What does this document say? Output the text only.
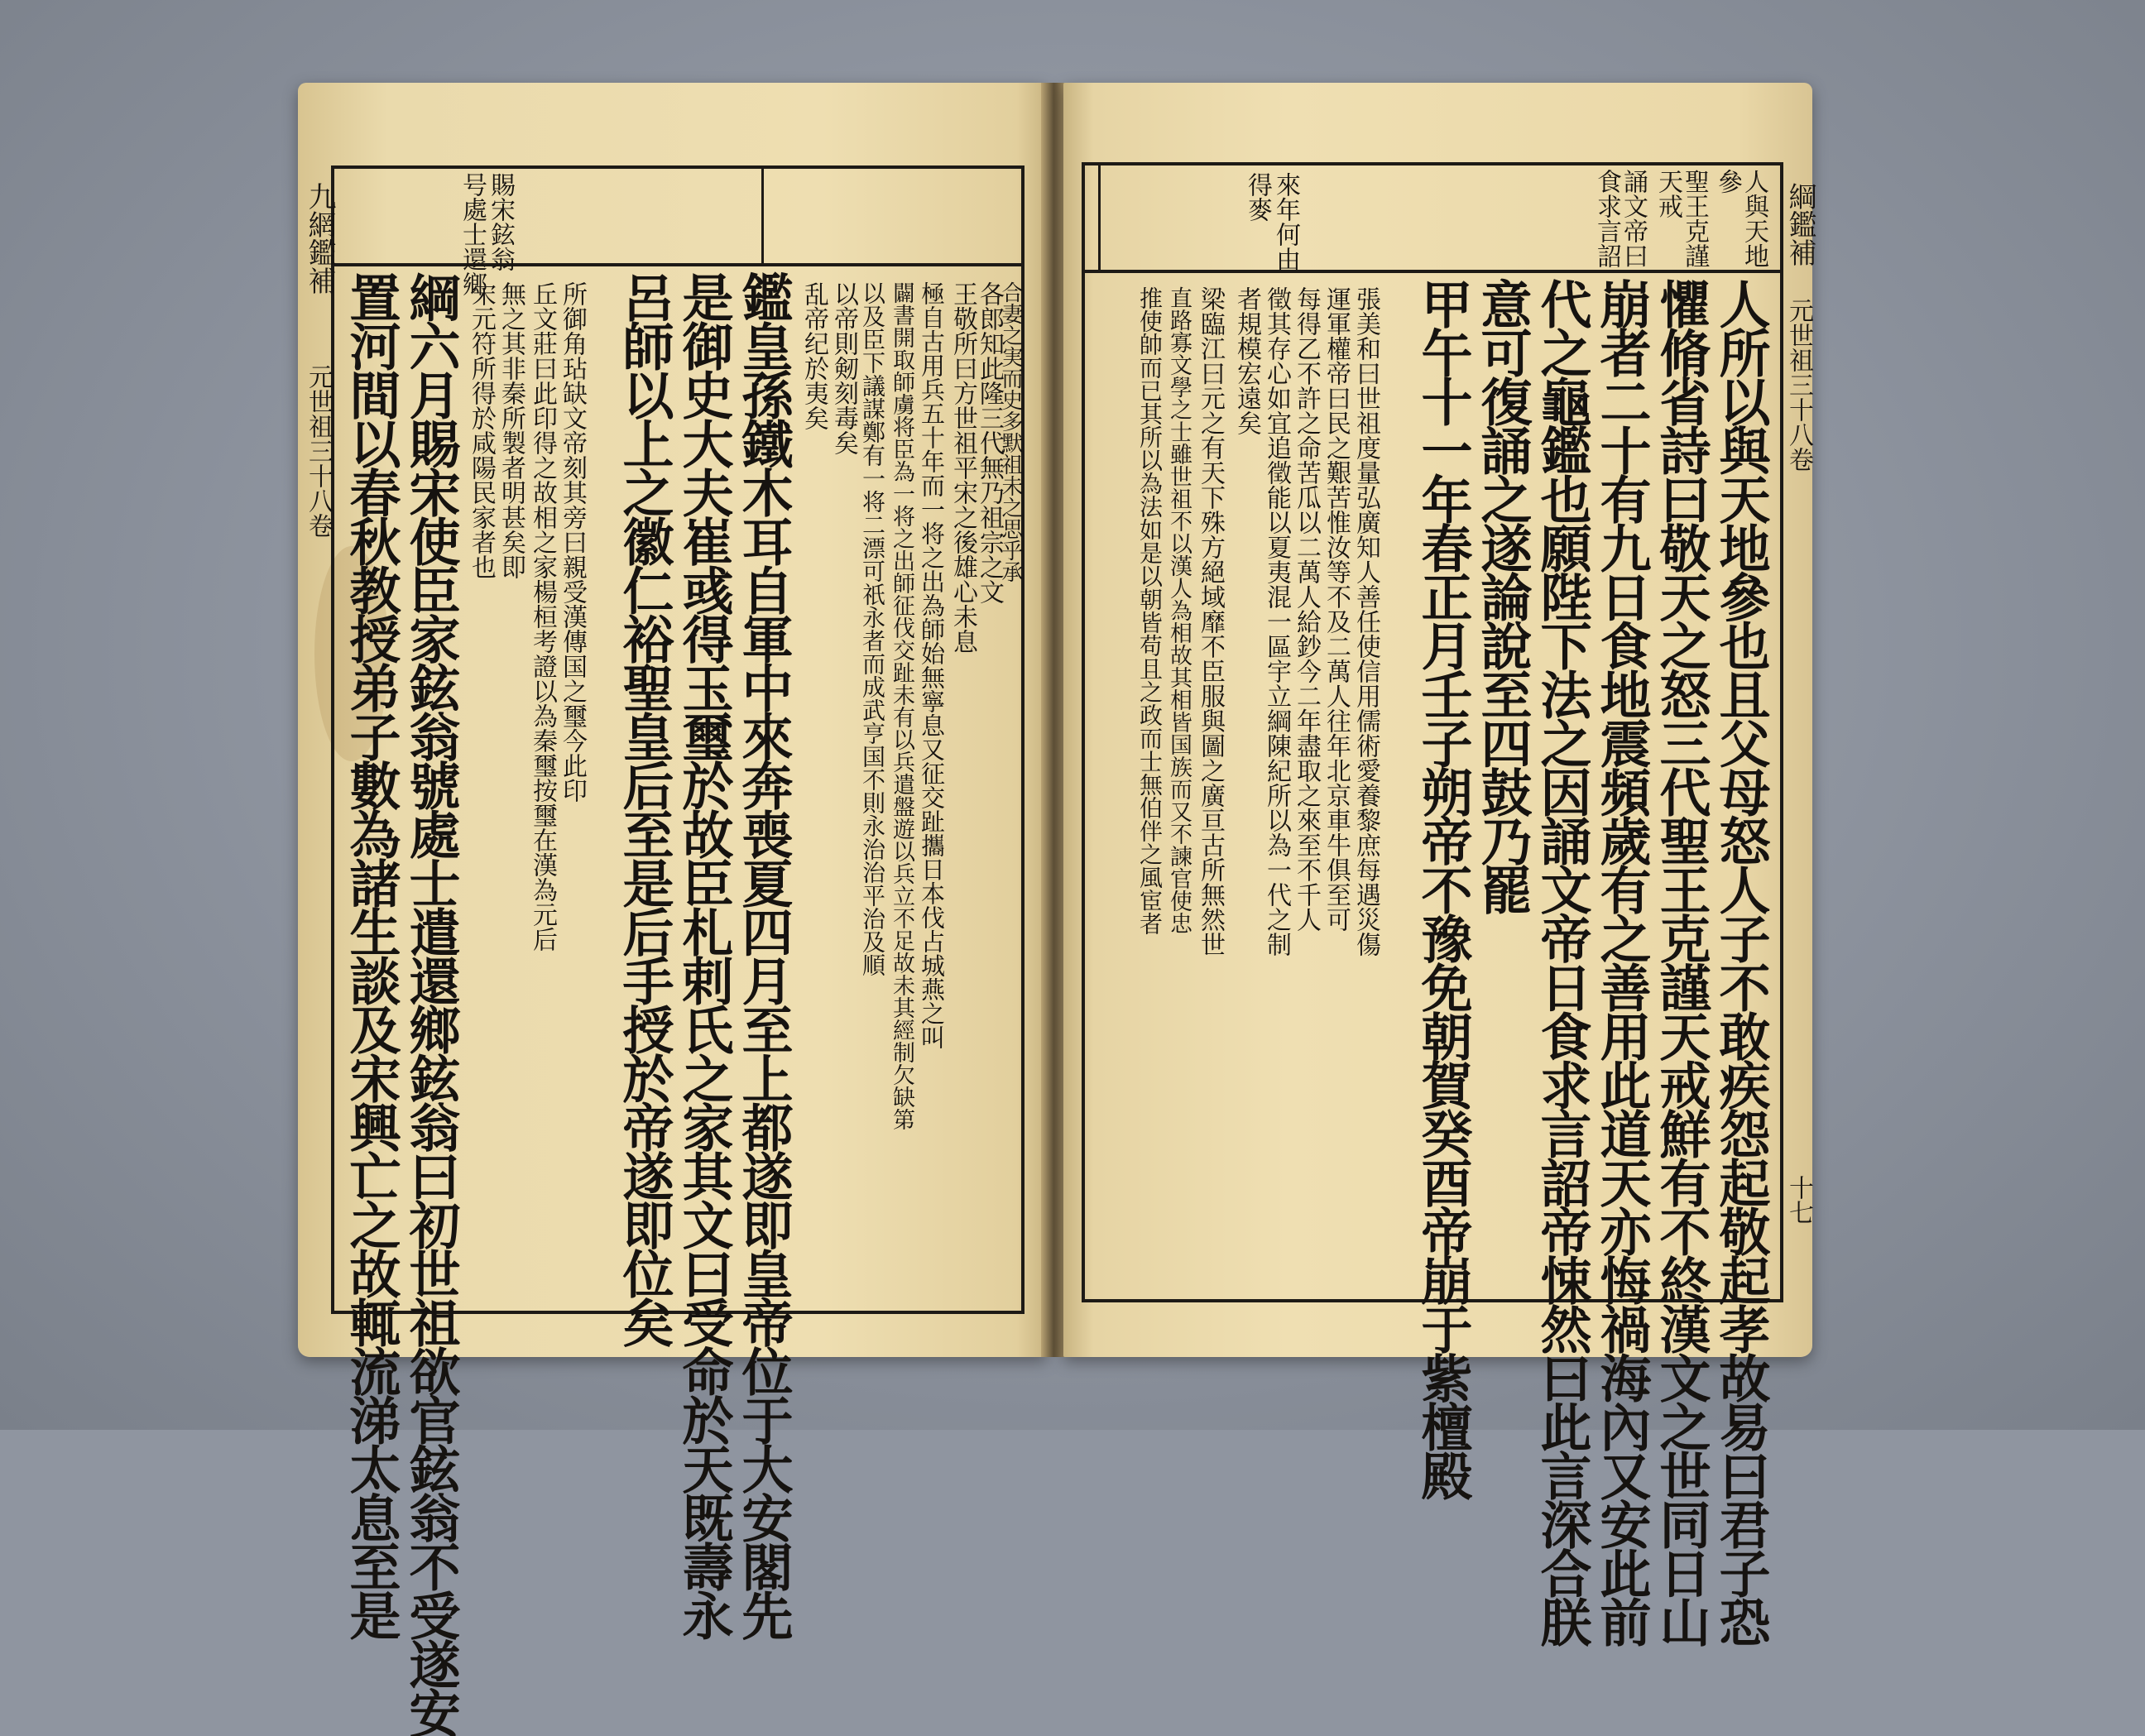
賜宋鉉翁
号處士還鄉
九網鑑補
元世祖三十八卷 置河間以春秋教授弟子數為諸生談及宋興亡之故輒流涕太息至是 綱六月賜宋使臣家鉉翁號處士遣還鄉鉉翁曰初世祖欲官鉉翁不受遂安 宋元符所得於咸陽民家者也 無之其非秦所製者明甚矣即 丘文莊曰此印得之故相之家楊桓考證以為秦璽按璽在漢為元后 所御角玷缺文帝刻其旁曰親受漢傳国之璽今此印 呂師以上之徽仁裕聖皇后至是后手授於帝遂即位矣 是御史大夫崔彧得玉璽於故臣札剌氏之家其文曰受命於天既壽永 鑑皇孫鐵木耳自軍中來奔喪夏四月至上都遂即皇帝位于大安閣先 乱帝纪於夷矣 以帝則剱刻毒矣 以及臣下議謀鄭有一将二漂可祇永者而成武亨国不則永治治平治及順 闢書開取師虜将臣為一将之出師征伐交趾未有以兵遣盤遊以兵立不足故未其經制欠缺第 極自古用兵五十年而一将之出為師始無寧息又征交趾攜日本伐占城燕之叫 王敬所曰方世祖平宋之後雄心未息
各郎知此隆三代無乃祖宗之文
合妻之実而史多默祖未之思乎承
人與天地
參
聖王克謹
天戒
誦文帝曰
食求言詔
來年何由
得麥	綱鑑補
元世祖三十八卷
十七
人所以與天地參也且父母怒人子不敢疾怨起敬起孝故易曰君子恐
懼脩省詩曰敬天之怒三代聖王克謹天戒鮮有不終漢文之世同日山
崩者二十有九日食地震頻歲有之善用此道天亦悔禍海內又安此前
代之龜鑑也願陛下法之因誦文帝日食求言詔帝悚然曰此言深合朕
意可復誦之遂論說至四鼓乃罷
甲午十一年春正月壬子朔帝不豫免朝賀癸酉帝崩于紫檀殿
張美和曰世祖度量弘廣知人善任使信用儒術愛養黎庶每遇災傷
運軍權帝曰民之艱苦惟汝等不及二萬人往年北京車牛俱至可
每得乙不許之命苦瓜以二萬人給鈔今二年盡取之來至不千人
徵其存心如宜追徵能以夏夷混一區宇立綱陳紀所以為一代之制
者規模宏遠矣
梁臨江曰元之有天下殊方絕域靡不臣服與圖之廣亘古所無然世
直路寡文學之士雖世祖不以漢人為相故其相皆国族而又不諫官使忠
推使帥而已其所以為法如是以朝皆苟且之政而士無伯伴之風宦者
